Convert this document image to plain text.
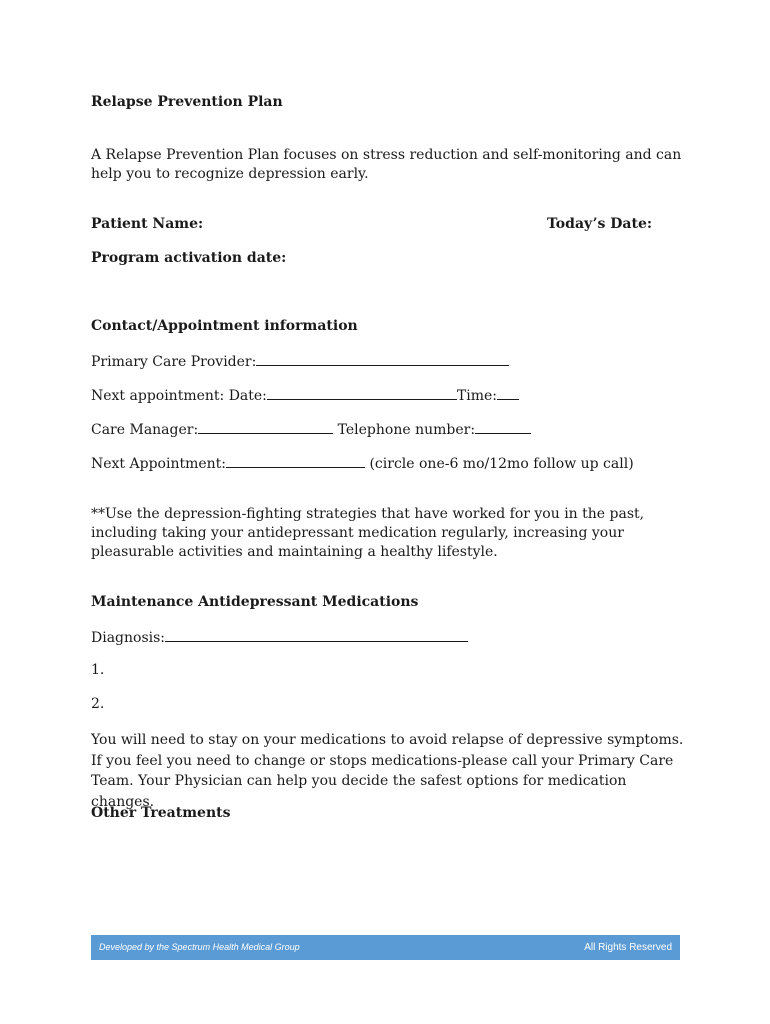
Relapse Prevention Plan
A Relapse Prevention Plan focuses on stress reduction and self-monitoring and can help you to recognize depression early.
Patient Name:	Today’s Date:
Program activation date:
Contact/Appointment information
Primary Care Provider:
Next appointment: Date:	Time:
Care Manager:	Telephone number:
Next Appointment:	(circle one-6 mo/12mo follow up call)
**Use the depression-fighting strategies that have worked for you in the past, including taking your antidepressant medication regularly, increasing your pleasurable activities and maintaining a healthy lifestyle.
Maintenance Antidepressant Medications
Diagnosis:
1.
2.
You will need to stay on your medications to avoid relapse of depressive symptoms. If you feel you need to change or stops medications-please call your Primary Care Team. Your Physician can help you decide the safest options for medication changes.
Other Treatments
Developed by the Spectrum Health Medical Group	All Rights Reserved
